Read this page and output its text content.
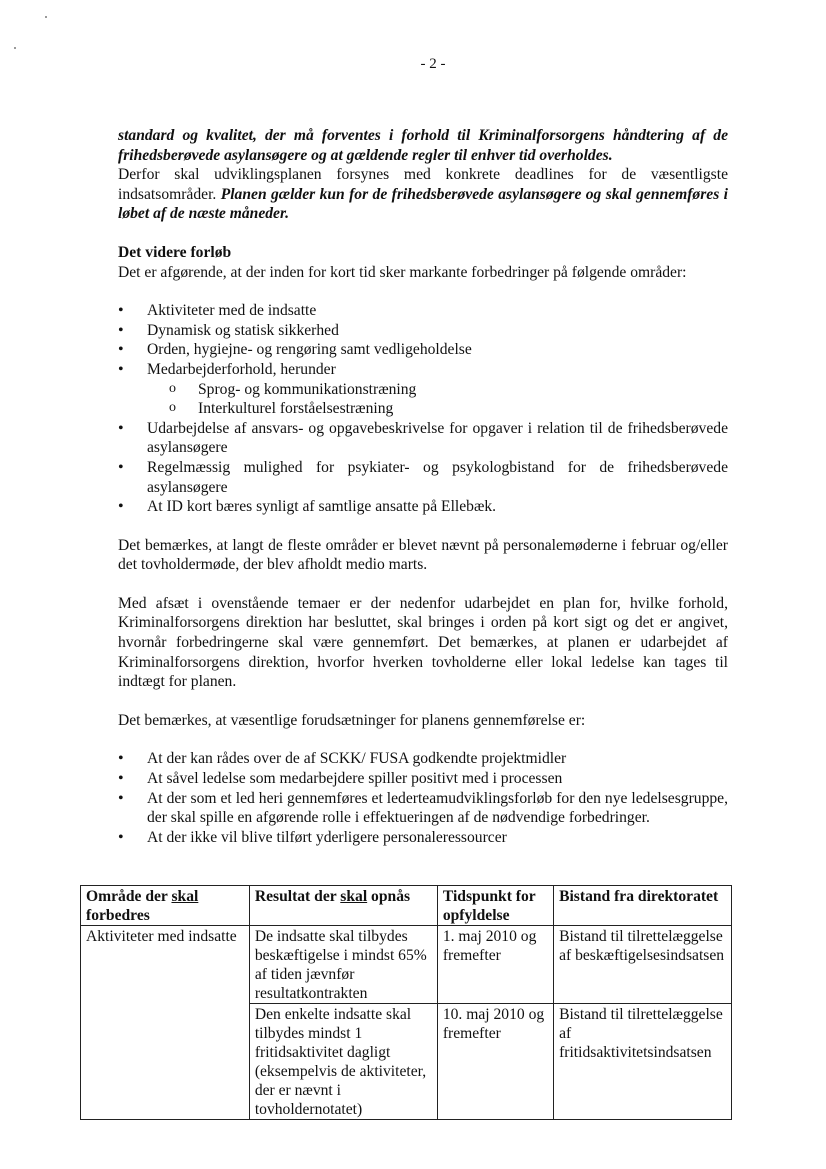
- 2 -

standard og kvalitet, der må forventes i forhold til Kriminalforsorgens håndtering af de frihedsberøvede asylansøgere og at gældende regler til enhver tid overholdes.
Derfor skal udviklingsplanen forsynes med konkrete deadlines for de væsentligste indsatsområder. Planen gælder kun for de frihedsberøvede asylansøgere og skal gennemføres i løbet af de næste måneder.

Det videre forløb

Det er afgørende, at der inden for kort tid sker markante forbedringer på følgende områder:

• Aktiviteter med de indsatte
• Dynamisk og statisk sikkerhed
• Orden, hygiejne- og rengøring samt vedligeholdelse
• Medarbejderforhold, herunder
o Sprog- og kommunikationstræning
o Interkulturel forståelsestræning
• Udarbejdelse af ansvars- og opgavebeskrivelse for opgaver i relation til de frihedsberøvede asylansøgere
• Regelmæssig mulighed for psykiater- og psykologbistand for de frihedsberøvede asylansøgere
• At ID kort bæres synligt af samtlige ansatte på Ellebæk.

Det bemærkes, at langt de fleste områder er blevet nævnt på personalemøderne i februar og/eller det tovholdermøde, der blev afholdt medio marts.

Med afsæt i ovenstående temaer er der nedenfor udarbejdet en plan for, hvilke forhold, Kriminalforsorgens direktion har besluttet, skal bringes i orden på kort sigt og det er angivet, hvornår forbedringerne skal være gennemført. Det bemærkes, at planen er udarbejdet af Kriminalforsorgens direktion, hvorfor hverken tovholderne eller lokal ledelse kan tages til indtægt for planen.

Det bemærkes, at væsentlige forudsætninger for planens gennemførelse er:

• At der kan rådes over de af SCKK/ FUSA godkendte projektmidler
• At såvel ledelse som medarbejdere spiller positivt med i processen
• At der som et led heri gennemføres et lederteamudviklingsforløb for den nye ledelsesgruppe, der skal spille en afgørende rolle i effektueringen af de nødvendige forbedringer.
• At der ikke vil blive tilført yderligere personaleressourcer
Område der skal forbedres	Resultat der skal opnås	Tidspunkt for opfyldelse	Bistand fra direktoratet
Aktiviteter med indsatte	De indsatte skal tilbydes beskæftigelse i mindst 65% af tiden jævnfør resultatkontrakten	1. maj 2010 og fremefter	Bistand til tilrettelæggelse af beskæftigelsesindsatsen
	Den enkelte indsatte skal tilbydes mindst 1 fritidsaktivitet dagligt (eksempelvis de aktiviteter, der er nævnt i tovholdernotatet)	10. maj 2010 og fremefter	Bistand til tilrettelæggelse af fritidsaktivitetsindsatsen
